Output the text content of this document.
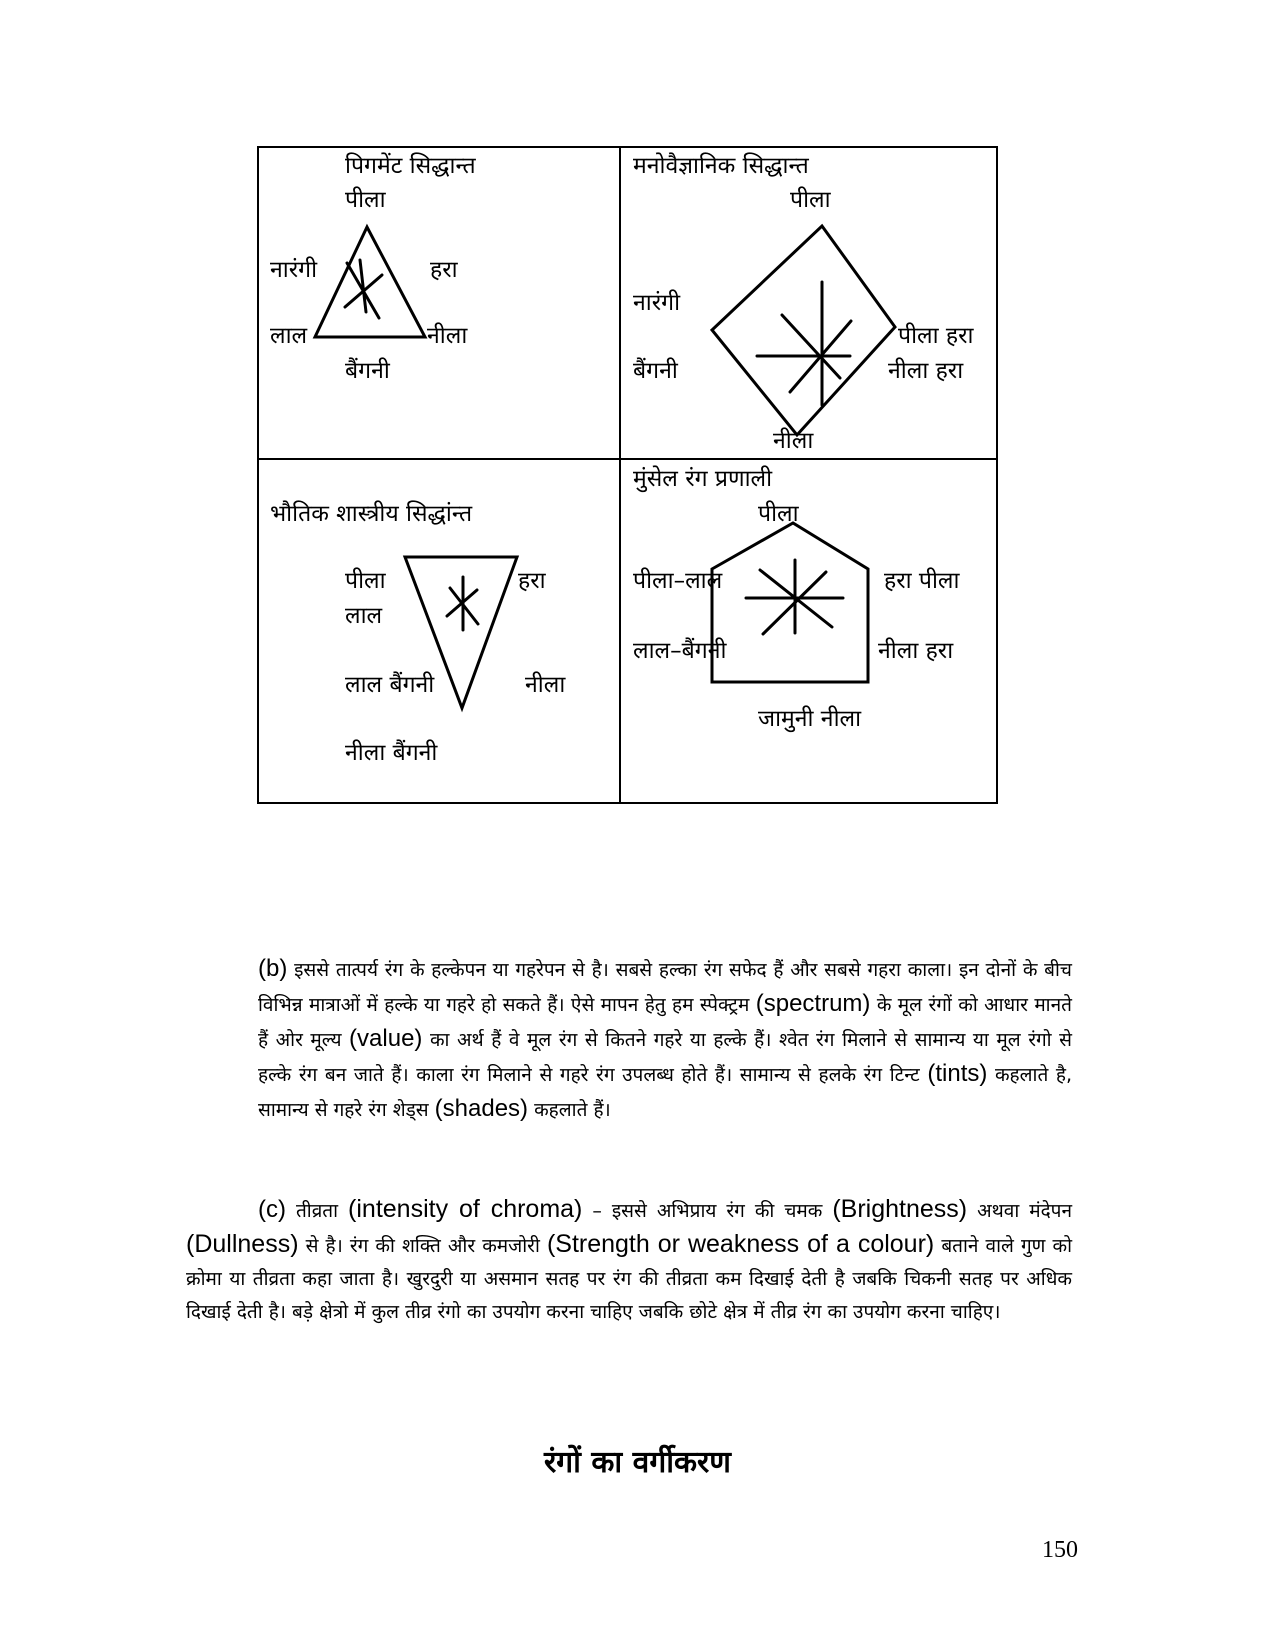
पिगमेंट सिद्धान्त
पीला
नारंगी	हरा
लाल	नीला
बैंगनी
मनोवैज्ञानिक सिद्धान्त
पीला
नारंगी
बैंगनी
पीला हरा
नीला हरा
नीला
भौतिक शास्त्रीय सिद्धांन्त
पीला
लाल
हरा
लाल बैंगनी	नीला
नीला बैंगनी
मुंसेल रंग प्रणाली
पीला
पीला–लाल	हरा पीला
लाल–बैंगनी	नीला हरा
जामुनी नीला

(b) इससे तात्पर्य रंग के हल्केपन या गहरेपन से है। सबसे हल्का रंग सफेद हैं और सबसे गहरा काला। इन दोनों के बीच विभिन्न मात्राओं में हल्के या गहरे हो सकते हैं। ऐसे मापन हेतु हम स्पेक्ट्रम (spectrum) के मूल रंगों को आधार मानते हैं ओर मूल्य (value) का अर्थ हैं वे मूल रंग से कितने गहरे या हल्के हैं। श्वेत रंग मिलाने से सामान्य या मूल रंगो से हल्के रंग बन जाते हैं। काला रंग मिलाने से गहरे रंग उपलब्ध होते हैं। सामान्य से हलके रंग टिन्ट (tints) कहलाते है, सामान्य से गहरे रंग शेड्स (shades) कहलाते हैं।

(c) तीव्रता (intensity of chroma) – इससे अभिप्राय रंग की चमक (Brightness) अथवा मंदेपन (Dullness) से है। रंग की शक्ति और कमजोरी (Strength or weakness of a colour) बताने वाले गुण को क्रोमा या तीव्रता कहा जाता है। खुरदुरी या असमान सतह पर रंग की तीव्रता कम दिखाई देती है जबकि चिकनी सतह पर अधिक दिखाई देती है। बड़े क्षेत्रो में कुल तीव्र रंगो का उपयोग करना चाहिए जबकि छोटे क्षेत्र में तीव्र रंग का उपयोग करना चाहिए।

रंगों का वर्गीकरण
150
